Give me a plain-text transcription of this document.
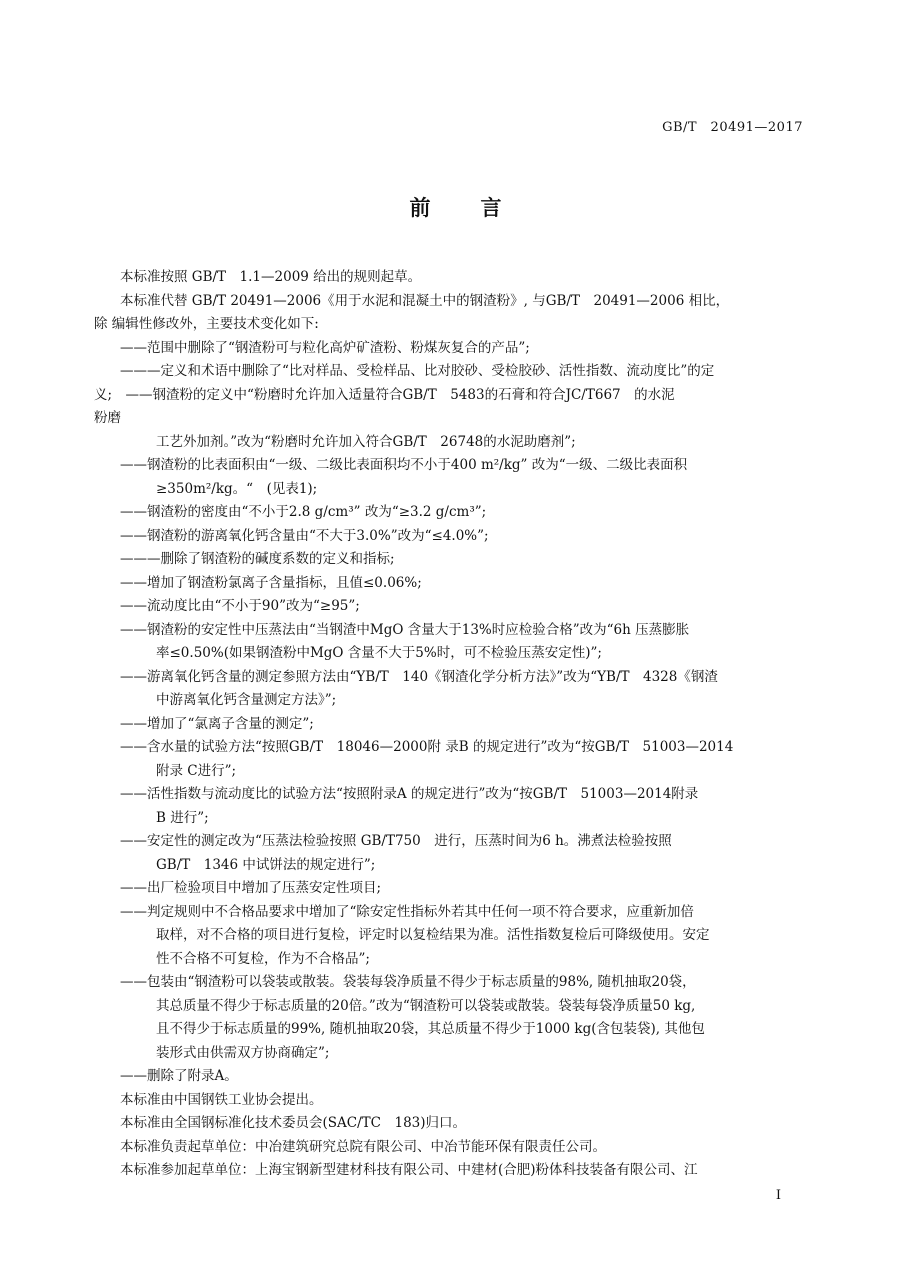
GB/T　20491—2017
前 言
本标准按照 GB/T　1.1—2009 给出的规则起草。
本标准代替 GB/T 20491—2006《用于水泥和混凝土中的钢渣粉》, 与GB/T　20491—2006 相比，
除 编辑性修改外，主要技术变化如下:
——范围中删除了“钢渣粉可与粒化高炉矿渣粉、粉煤灰复合的产品”;
———定义和术语中删除了“比对样品、受检样品、比对胶砂、受检胶砂、活性指数、流动度比”的定
义;　——钢渣粉的定义中“粉磨时允许加入适量符合GB/T　5483的石膏和符合JC/T667　的水泥
粉磨
工艺外加剂。”改为“粉磨时允许加入符合GB/T　26748的水泥助磨剂”;
——钢渣粉的比表面积由“一级、二级比表面积均不小于400 m²/kg” 改为“一级、二级比表面积
≥350m²/kg。“　(见表1);
——钢渣粉的密度由“不小于2.8 g/cm³” 改为“≥3.2 g/cm³”;
——钢渣粉的游离氧化钙含量由“不大于3.0%”改为“≤4.0%”;
———删除了钢渣粉的碱度系数的定义和指标;
——增加了钢渣粉氯离子含量指标，且值≤0.06%;
——流动度比由“不小于90”改为“≥95”;
——钢渣粉的安定性中压蒸法由“当钢渣中MgO 含量大于13%时应检验合格”改为“6h 压蒸膨胀
率≤0.50%(如果钢渣粉中MgO 含量不大于5%时，可不检验压蒸安定性)”;
——游离氧化钙含量的测定参照方法由“YB/T　140《钢渣化学分析方法》”改为“YB/T　4328《钢渣
中游离氧化钙含量测定方法》”;
——增加了“氯离子含量的测定”;
——含水量的试验方法“按照GB/T　18046—2000附 录B 的规定进行”改为“按GB/T　51003—2014
附录 C进行”;
——活性指数与流动度比的试验方法“按照附录A 的规定进行”改为“按GB/T　51003—2014附录
B 进行”;
——安定性的测定改为“压蒸法检验按照 GB/T750　进行，压蒸时间为6 h。沸煮法检验按照
GB/T　1346 中试饼法的规定进行”;
——出厂检验项目中增加了压蒸安定性项目;
——判定规则中不合格品要求中增加了“除安定性指标外若其中任何一项不符合要求，应重新加倍
取样，对不合格的项目进行复检，评定时以复检结果为准。活性指数复检后可降级使用。安定
性不合格不可复检，作为不合格品”;
——包装由“钢渣粉可以袋装或散装。袋装每袋净质量不得少于标志质量的98%, 随机抽取20袋，
其总质量不得少于标志质量的20倍。”改为“钢渣粉可以袋装或散装。袋装每袋净质量50 kg,
且不得少于标志质量的99%, 随机抽取20袋，其总质量不得少于1000 kg(含包装袋), 其他包
装形式由供需双方协商确定”;
——删除了附录A。
本标准由中国钢铁工业协会提出。
本标准由全国钢标准化技术委员会(SAC/TC　183)归口。
本标准负责起草单位：中冶建筑研究总院有限公司、中冶节能环保有限责任公司。
本标准参加起草单位：上海宝钢新型建材科技有限公司、中建材(合肥)粉体科技装备有限公司、江
I
